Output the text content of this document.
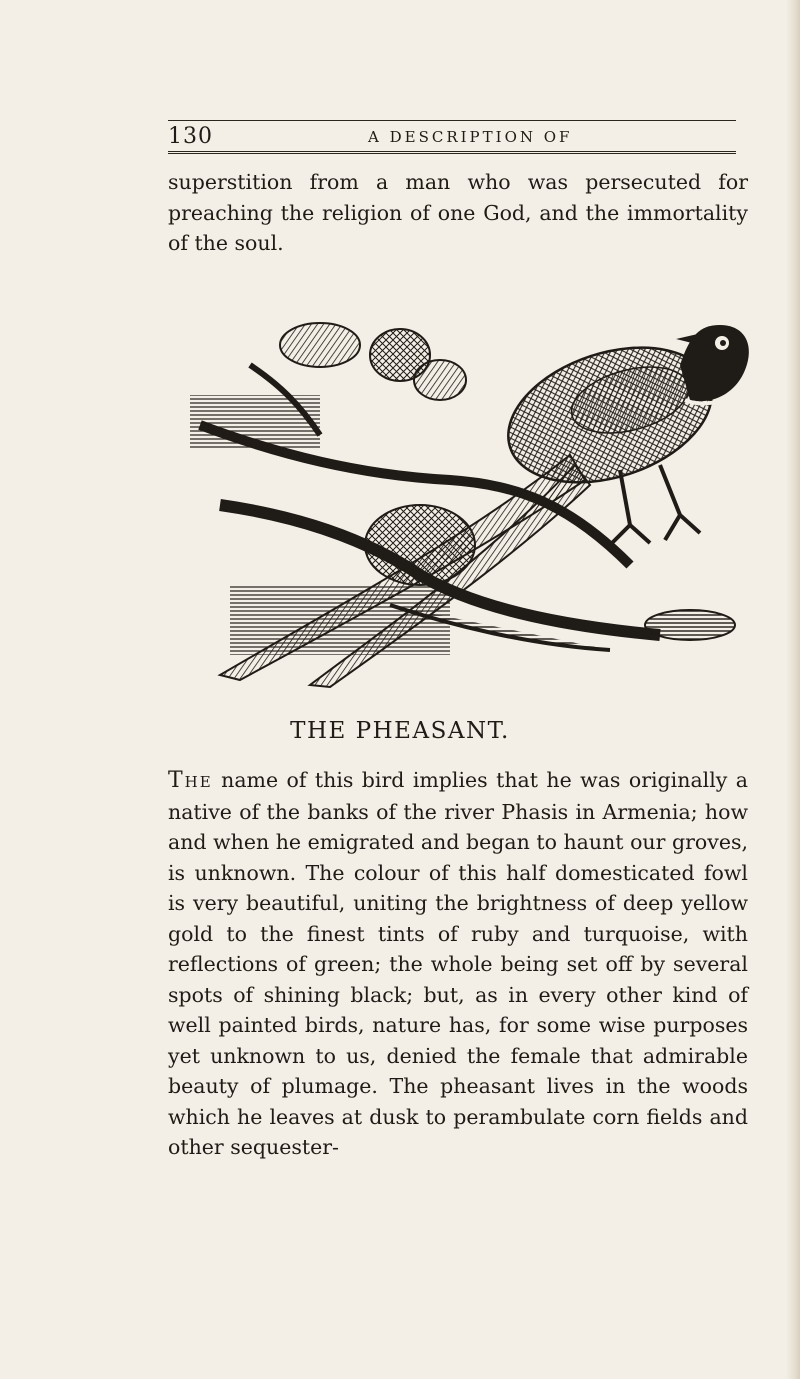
130	A DESCRIPTION OF

superstition from a man who was persecuted for preaching the religion of one God, and the immortality of the soul.

THE PHEASANT.

The name of this bird implies that he was originally a native of the banks of the river Phasis in Armenia; how and when he emigrated and began to haunt our groves, is unknown. The colour of this half domesticated fowl is very beautiful, uniting the brightness of deep yellow gold to the finest tints of ruby and turquoise, with reflections of green; the whole being set off by several spots of shining black; but, as in every other kind of well painted birds, nature has, for some wise purposes yet unknown to us, denied the female that admirable beauty of plumage. The pheasant lives in the woods which he leaves at dusk to perambulate corn fields and other sequester-
